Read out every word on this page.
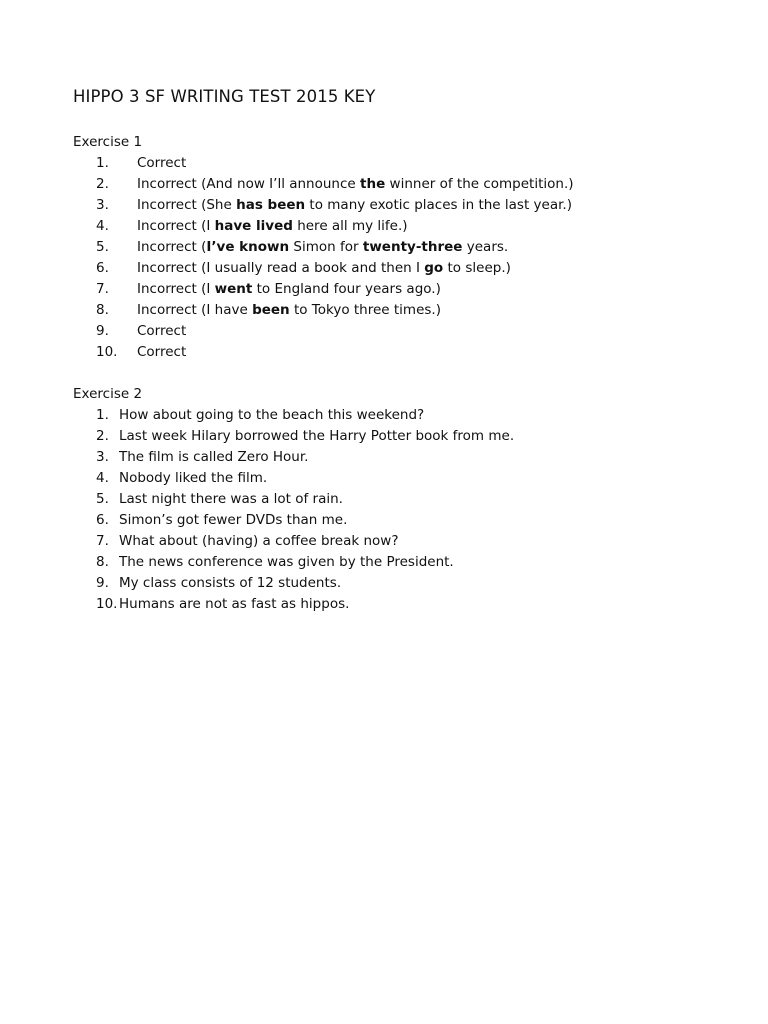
HIPPO 3 SF WRITING TEST 2015 KEY
Exercise 1
1. Correct
2. Incorrect (And now I’ll announce the winner of the competition.)
3. Incorrect (She has been to many exotic places in the last year.)
4. Incorrect (I have lived here all my life.)
5. Incorrect (I’ve known Simon for twenty-three years.
6. Incorrect (I usually read a book and then I go to sleep.)
7. Incorrect (I went to England four years ago.)
8. Incorrect (I have been to Tokyo three times.)
9. Correct
10. Correct
Exercise 2
1. How about going to the beach this weekend?
2. Last week Hilary borrowed the Harry Potter book from me.
3. The film is called Zero Hour.
4. Nobody liked the film.
5. Last night there was a lot of rain.
6. Simon’s got fewer DVDs than me.
7. What about (having) a coffee break now?
8. The news conference was given by the President.
9. My class consists of 12 students.
10. Humans are not as fast as hippos.
